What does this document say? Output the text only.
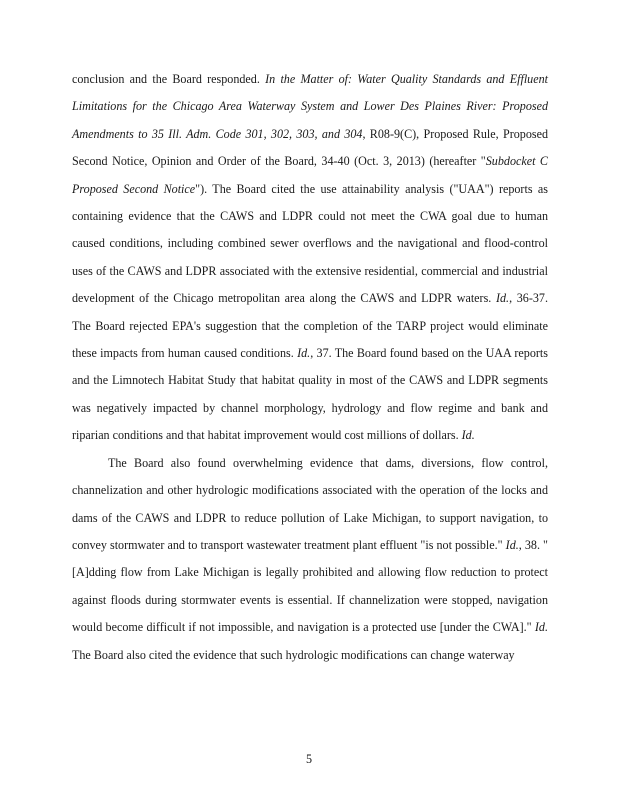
conclusion and the Board responded. In the Matter of: Water Quality Standards and Effluent Limitations for the Chicago Area Waterway System and Lower Des Plaines River: Proposed Amendments to 35 Ill. Adm. Code 301, 302, 303, and 304, R08-9(C), Proposed Rule, Proposed Second Notice, Opinion and Order of the Board, 34-40 (Oct. 3, 2013) (hereafter "Subdocket C Proposed Second Notice"). The Board cited the use attainability analysis ("UAA") reports as containing evidence that the CAWS and LDPR could not meet the CWA goal due to human caused conditions, including combined sewer overflows and the navigational and flood-control uses of the CAWS and LDPR associated with the extensive residential, commercial and industrial development of the Chicago metropolitan area along the CAWS and LDPR waters. Id., 36-37. The Board rejected EPA's suggestion that the completion of the TARP project would eliminate these impacts from human caused conditions. Id., 37. The Board found based on the UAA reports and the Limnotech Habitat Study that habitat quality in most of the CAWS and LDPR segments was negatively impacted by channel morphology, hydrology and flow regime and bank and riparian conditions and that habitat improvement would cost millions of dollars. Id.

The Board also found overwhelming evidence that dams, diversions, flow control, channelization and other hydrologic modifications associated with the operation of the locks and dams of the CAWS and LDPR to reduce pollution of Lake Michigan, to support navigation, to convey stormwater and to transport wastewater treatment plant effluent "is not possible." Id., 38. "[A]dding flow from Lake Michigan is legally prohibited and allowing flow reduction to protect against floods during stormwater events is essential. If channelization were stopped, navigation would become difficult if not impossible, and navigation is a protected use [under the CWA]." Id. The Board also cited the evidence that such hydrologic modifications can change waterway

5
